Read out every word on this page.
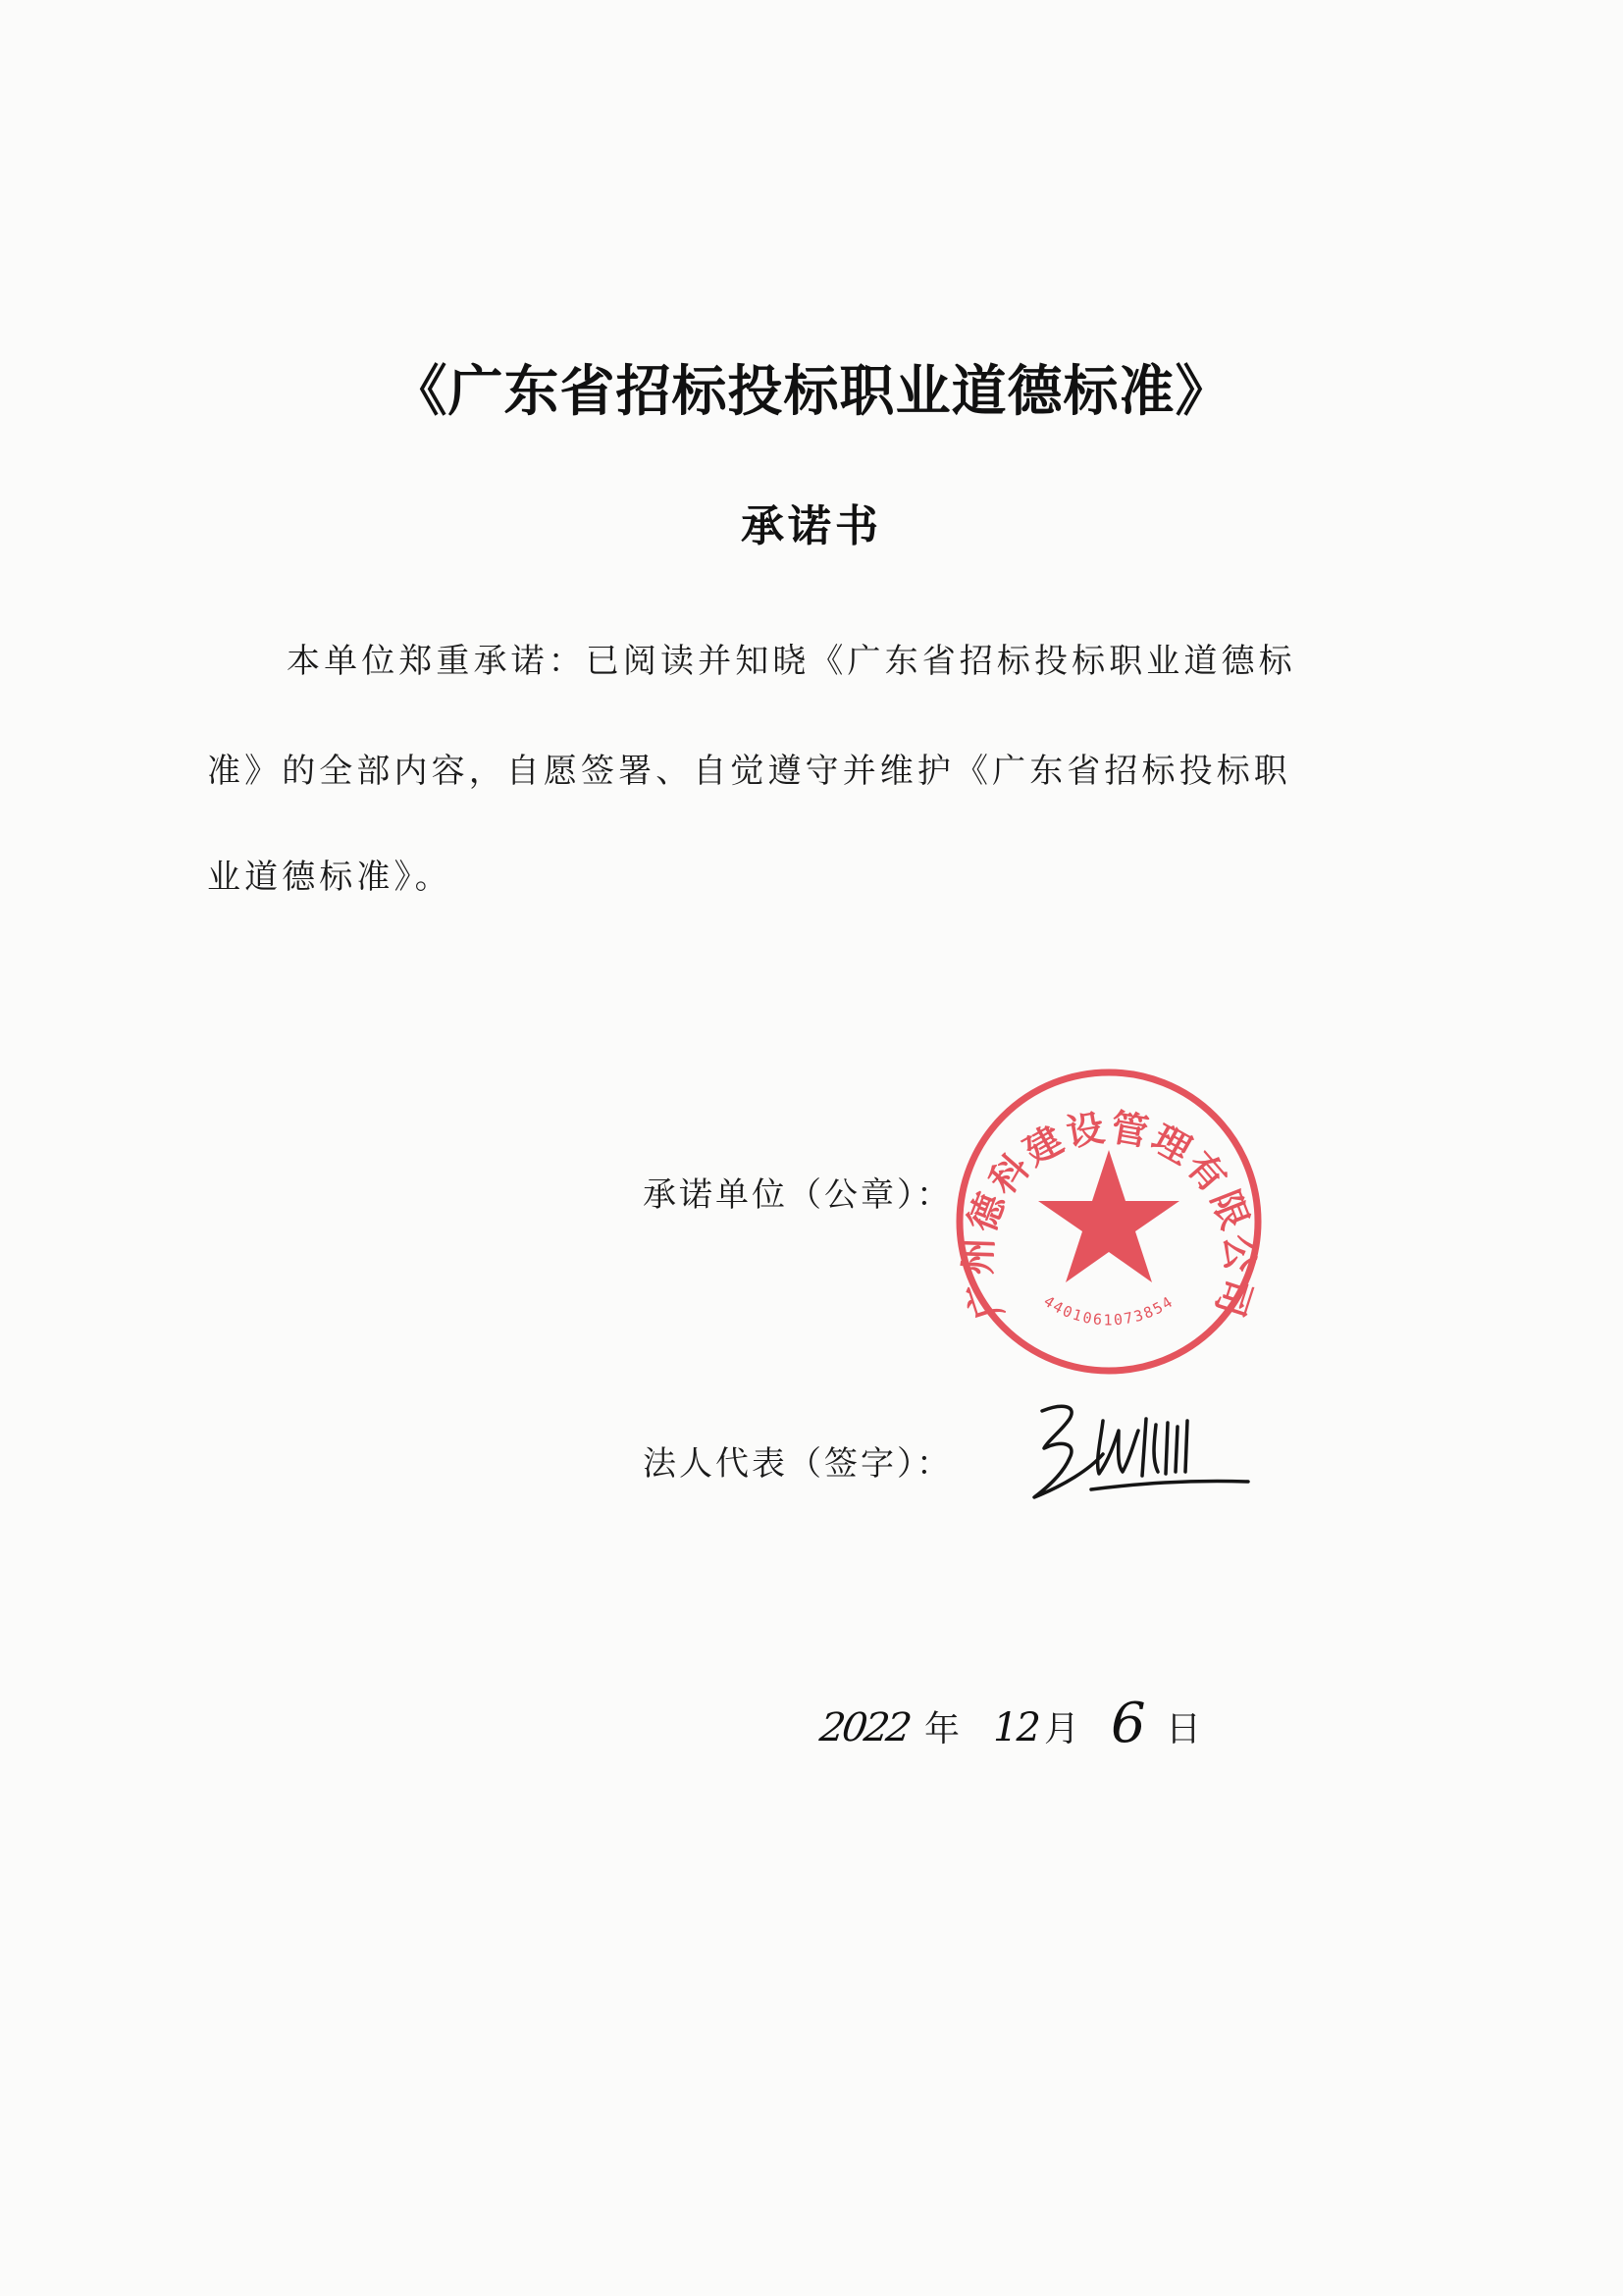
《广东省招标投标职业道德标准》
承诺书
本单位郑重承诺：已阅读并知晓《广东省招标投标职业道德标
准》的全部内容，自愿签署、自觉遵守并维护《广东省招标投标职
业道德标准》。
承诺单位（公章）：
广州德科建设管理有限公司
4401061073854
法人代表（签字）：
2022 年 12 月 6 日
